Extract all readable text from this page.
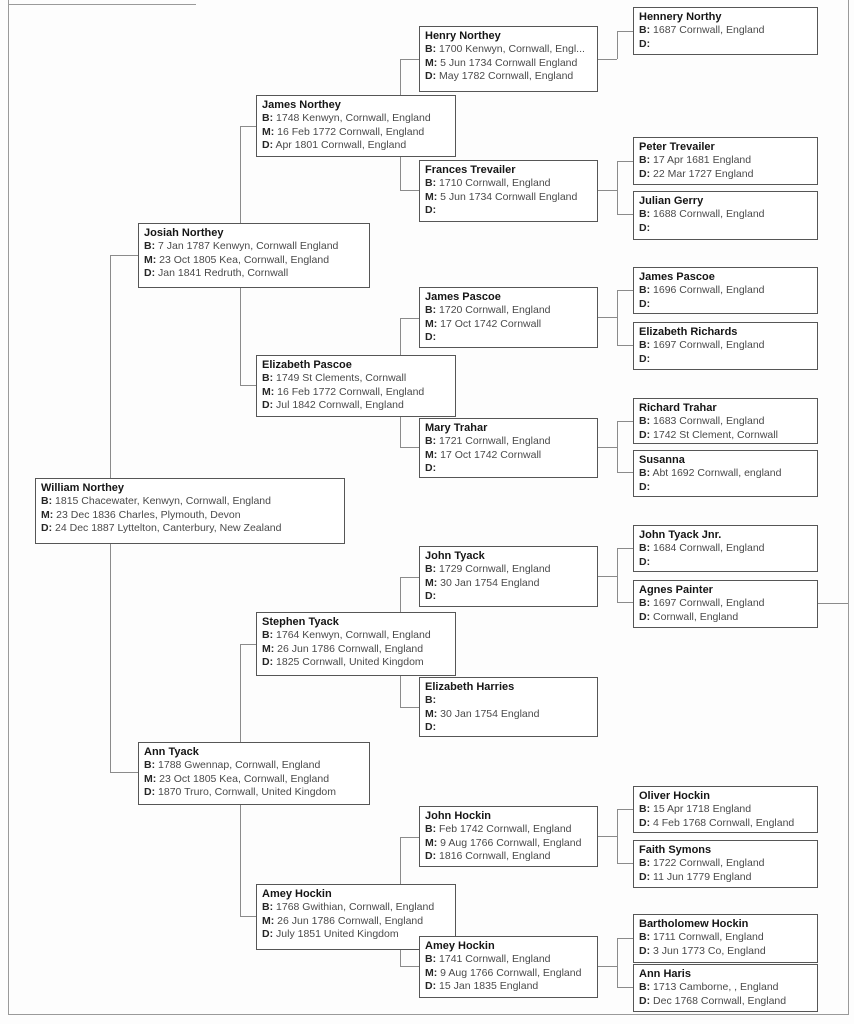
William Northey
B: 1815 Chacewater, Kenwyn, Cornwall, England
M: 23 Dec 1836 Charles, Plymouth, Devon
D: 24 Dec 1887 Lyttelton, Canterbury, New Zealand
Josiah Northey
B: 7 Jan 1787 Kenwyn, Cornwall England
M: 23 Oct 1805 Kea, Cornwall, England
D: Jan 1841 Redruth, Cornwall
Ann Tyack
B: 1788 Gwennap, Cornwall, England
M: 23 Oct 1805 Kea, Cornwall, England
D: 1870 Truro, Cornwall, United Kingdom
James Northey
B: 1748 Kenwyn, Cornwall, England
M: 16 Feb 1772 Cornwall, England
D: Apr 1801 Cornwall, England
Elizabeth Pascoe
B: 1749 St Clements, Cornwall
M: 16 Feb 1772 Cornwall, England
D: Jul 1842 Cornwall, England
Stephen Tyack
B: 1764 Kenwyn, Cornwall, England
M: 26 Jun 1786 Cornwall, England
D: 1825 Cornwall, United Kingdom
Amey Hockin
B: 1768 Gwithian, Cornwall, England
M: 26 Jun 1786 Cornwall, England
D: July 1851 United Kingdom
Henry Northey
B: 1700 Kenwyn, Cornwall, Engl...
M: 5 Jun 1734 Cornwall England
D: May 1782 Cornwall, England
Frances Trevailer
B: 1710 Cornwall, England
M: 5 Jun 1734 Cornwall England
D:
James Pascoe
B: 1720 Cornwall, England
M: 17 Oct 1742 Cornwall
D:
Mary Trahar
B: 1721 Cornwall, England
M: 17 Oct 1742 Cornwall
D:
John Tyack
B: 1729 Cornwall, England
M: 30 Jan 1754 England
D:
Elizabeth Harries
B:
M: 30 Jan 1754 England
D:
John Hockin
B: Feb 1742 Cornwall, England
M: 9 Aug 1766 Cornwall, England
D: 1816 Cornwall, England
Amey Hockin
B: 1741 Cornwall, England
M: 9 Aug 1766 Cornwall, England
D: 15 Jan 1835 England
Hennery Northy
B: 1687 Cornwall, England
D:
Peter Trevailer
B: 17 Apr 1681 England
D: 22 Mar 1727 England
Julian Gerry
B: 1688 Cornwall, England
D:
James Pascoe
B: 1696 Cornwall, England
D:
Elizabeth Richards
B: 1697 Cornwall, England
D:
Richard Trahar
B: 1683 Cornwall, England
D: 1742 St Clement, Cornwall
Susanna
B: Abt 1692 Cornwall, england
D:
John Tyack Jnr.
B: 1684 Cornwall, England
D:
Agnes Painter
B: 1697 Cornwall, England
D: Cornwall, England
Oliver Hockin
B: 15 Apr 1718 England
D: 4 Feb 1768 Cornwall, England
Faith Symons
B: 1722 Cornwall, England
D: 11 Jun 1779 England
Bartholomew Hockin
B: 1711 Cornwall, England
D: 3 Jun 1773 Co, England
Ann Haris
B: 1713 Camborne, , England
D: Dec 1768 Cornwall, England
